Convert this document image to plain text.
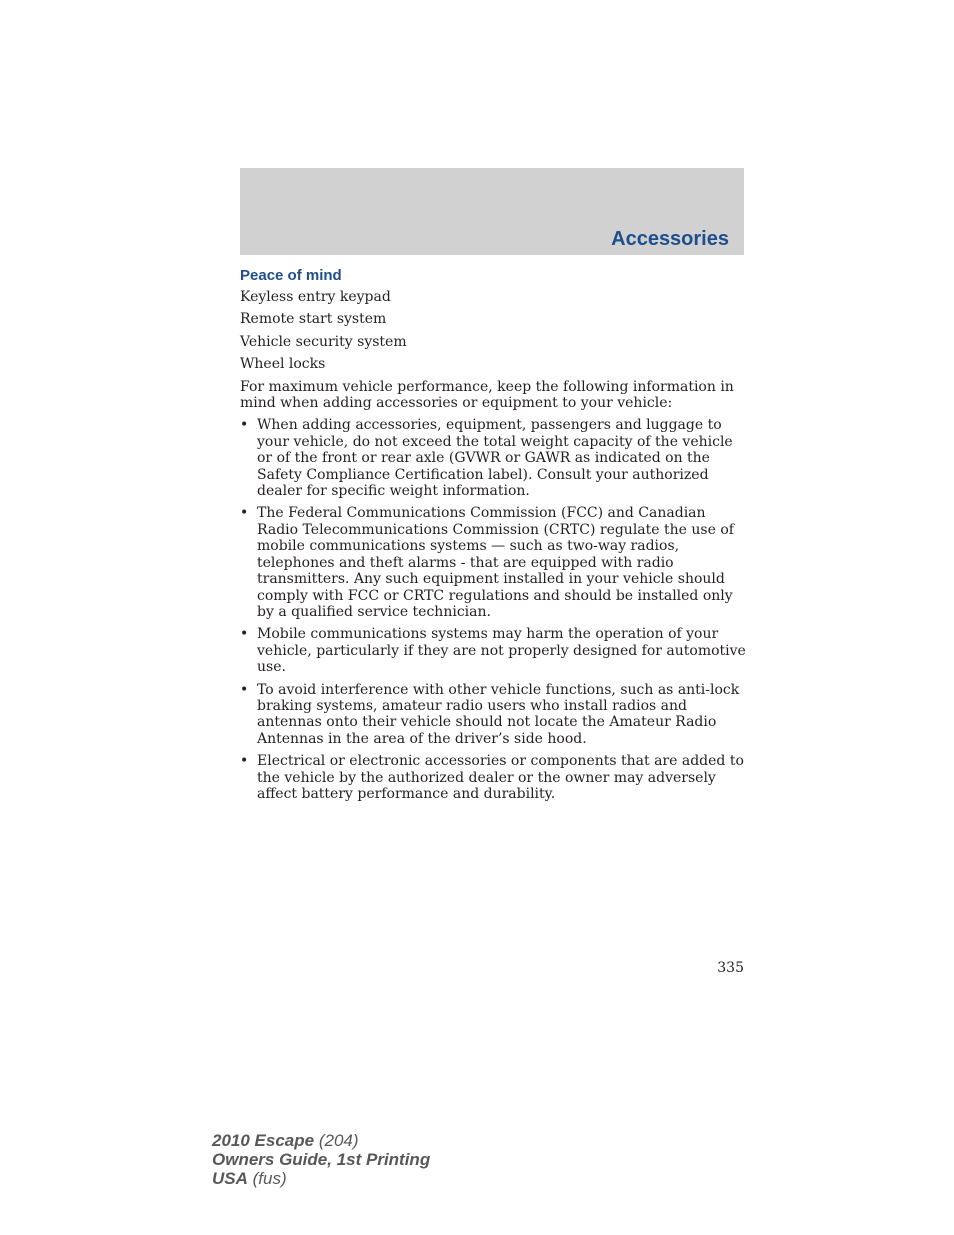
Accessories
Peace of mind
Keyless entry keypad
Remote start system
Vehicle security system
Wheel locks

For maximum vehicle performance, keep the following information in mind when adding accessories or equipment to your vehicle:

• When adding accessories, equipment, passengers and luggage to your vehicle, do not exceed the total weight capacity of the vehicle or of the front or rear axle (GVWR or GAWR as indicated on the Safety Compliance Certification label). Consult your authorized dealer for specific weight information.
• The Federal Communications Commission (FCC) and Canadian Radio Telecommunications Commission (CRTC) regulate the use of mobile communications systems — such as two-way radios, telephones and theft alarms - that are equipped with radio transmitters. Any such equipment installed in your vehicle should comply with FCC or CRTC regulations and should be installed only by a qualified service technician.
• Mobile communications systems may harm the operation of your vehicle, particularly if they are not properly designed for automotive use.
• To avoid interference with other vehicle functions, such as anti-lock braking systems, amateur radio users who install radios and antennas onto their vehicle should not locate the Amateur Radio Antennas in the area of the driver’s side hood.
• Electrical or electronic accessories or components that are added to the vehicle by the authorized dealer or the owner may adversely affect battery performance and durability.

335

2010 Escape (204)
Owners Guide, 1st Printing
USA (fus)
